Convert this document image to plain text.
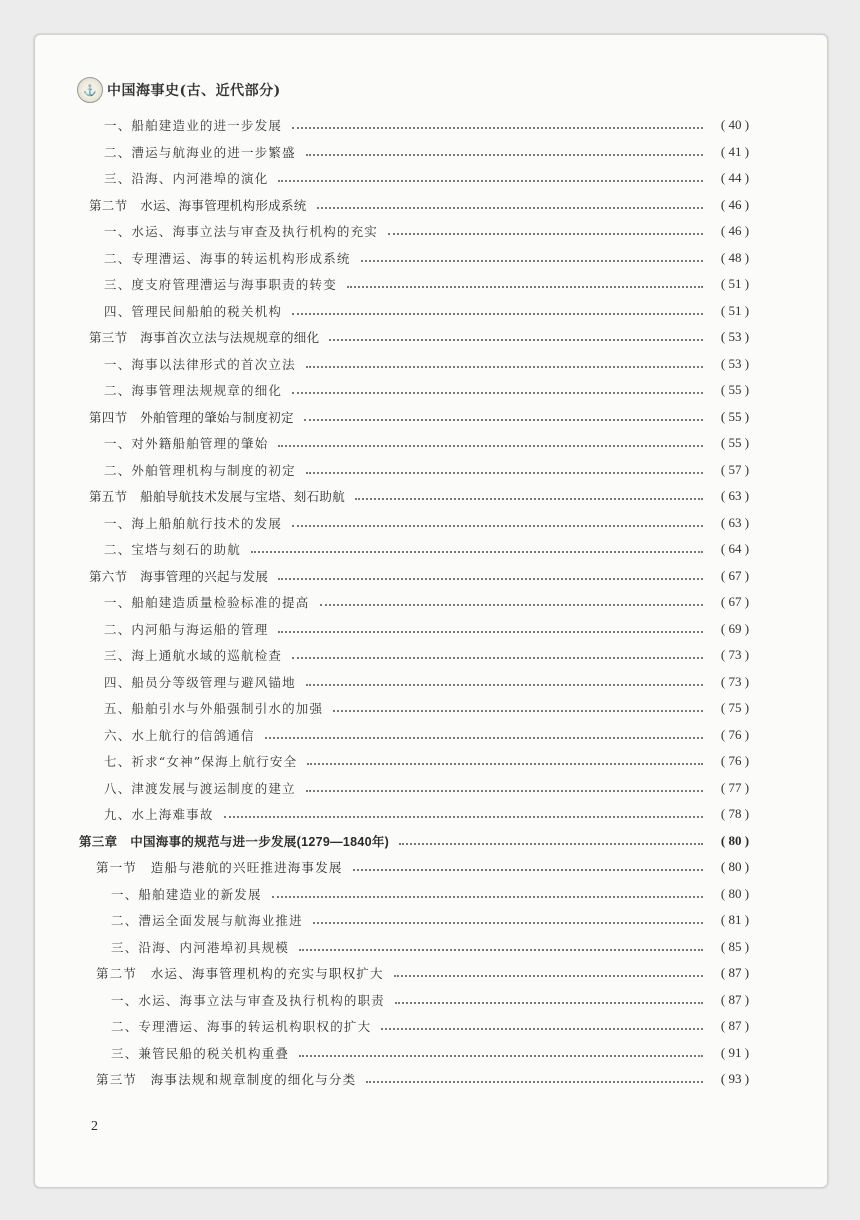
⚓ 中国海事史(古、近代部分)
一、船舶建造业的进一步发展	( 40 )
二、漕运与航海业的进一步繁盛	( 41 )
三、沿海、内河港埠的演化	( 44 )
第二节　水运、海事管理机构形成系统	( 46 )
一、水运、海事立法与审查及执行机构的充实	( 46 )
二、专理漕运、海事的转运机构形成系统	( 48 )
三、度支府管理漕运与海事职责的转变	( 51 )
四、管理民间船舶的税关机构	( 51 )
第三节　海事首次立法与法规规章的细化	( 53 )
一、海事以法律形式的首次立法	( 53 )
二、海事管理法规规章的细化	( 55 )
第四节　外舶管理的肇始与制度初定	( 55 )
一、对外籍船舶管理的肇始	( 55 )
二、外舶管理机构与制度的初定	( 57 )
第五节　船舶导航技术发展与宝塔、刻石助航	( 63 )
一、海上船舶航行技术的发展	( 63 )
二、宝塔与刻石的助航	( 64 )
第六节　海事管理的兴起与发展	( 67 )
一、船舶建造质量检验标准的提高	( 67 )
二、内河船与海运船的管理	( 69 )
三、海上通航水域的巡航检查	( 73 )
四、船员分等级管理与避风锚地	( 73 )
五、船舶引水与外船强制引水的加强	( 75 )
六、水上航行的信鸽通信	( 76 )
七、祈求“女神”保海上航行安全	( 76 )
八、津渡发展与渡运制度的建立	( 77 )
九、水上海难事故	( 78 )
第三章　中国海事的规范与进一步发展(1279—1840年)	( 80 )
第一节　造船与港航的兴旺推进海事发展	( 80 )
一、船舶建造业的新发展	( 80 )
二、漕运全面发展与航海业推进	( 81 )
三、沿海、内河港埠初具规模	( 85 )
第二节　水运、海事管理机构的充实与职权扩大	( 87 )
一、水运、海事立法与审查及执行机构的职责	( 87 )
二、专理漕运、海事的转运机构职权的扩大	( 87 )
三、兼管民船的税关机构重叠	( 91 )
第三节　海事法规和规章制度的细化与分类	( 93 )
2
